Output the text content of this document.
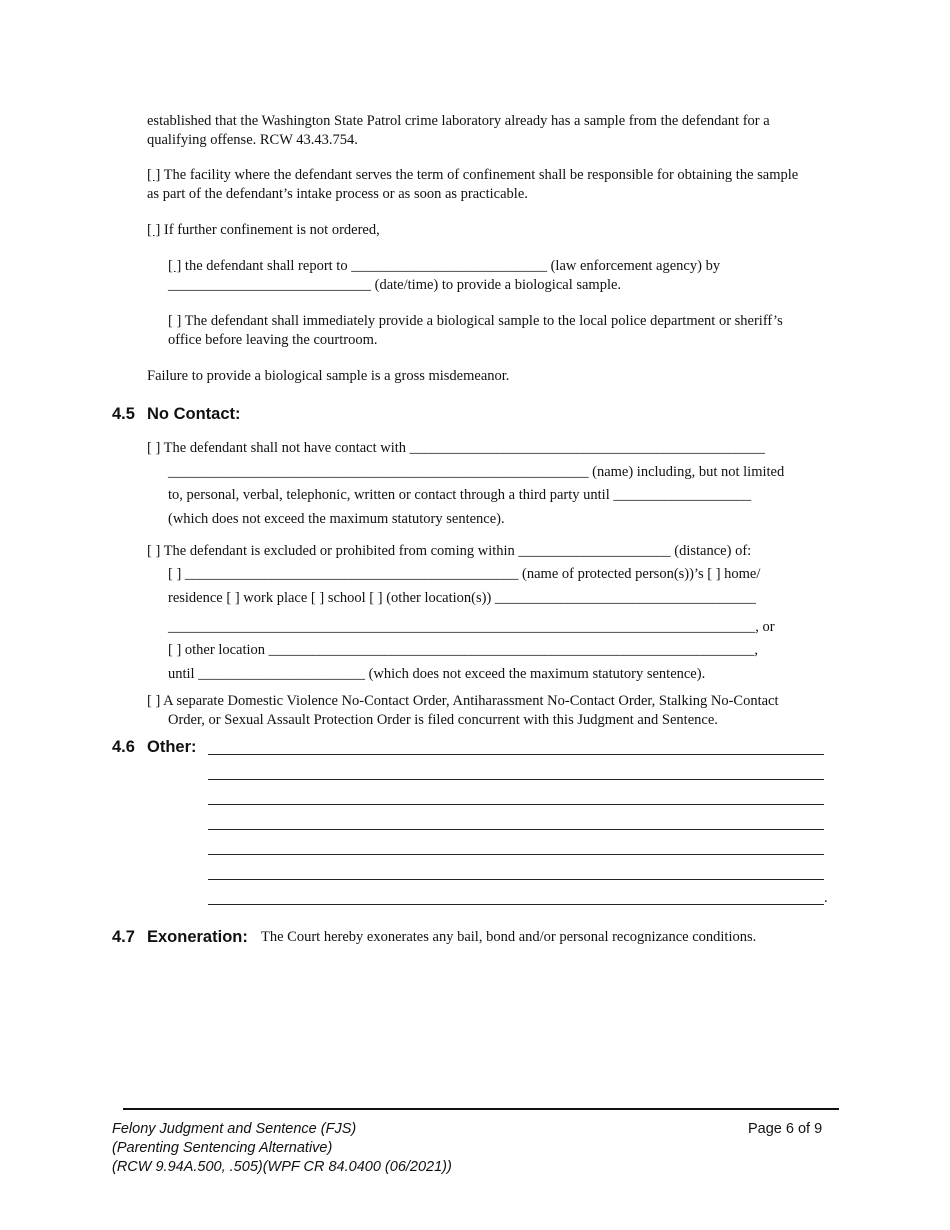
established that the Washington State Patrol crime laboratory already has a sample from the defendant for a
qualifying offense. RCW 43.43.754.
[ ] The facility where the defendant serves the term of confinement shall be responsible for obtaining the sample
as part of the defendant’s intake process or as soon as practicable.
[ ] If further confinement is not ordered,
[ ] the defendant shall report to ___________________________ (law enforcement agency) by
____________________________ (date/time) to provide a biological sample.
[ ] The defendant shall immediately provide a biological sample to the local police department or sheriff’s
office before leaving the courtroom.
Failure to provide a biological sample is a gross misdemeanor.
4.5 No Contact:
[ ] The defendant shall not have contact with _________________________________________________
__________________________________________________________ (name) including, but not limited
to, personal, verbal, telephonic, written or contact through a third party until ___________________
(which does not exceed the maximum statutory sentence).
[ ] The defendant is excluded or prohibited from coming within _____________________ (distance) of:
[ ] ______________________________________________ (name of protected person(s))’s [ ] home/
residence [ ] work place [ ] school [ ] (other location(s)) ____________________________________
_________________________________________________________________________________, or
[ ] other location ___________________________________________________________________,
until _______________________ (which does not exceed the maximum statutory sentence).
[ ] A separate Domestic Violence No-Contact Order, Antiharassment No-Contact Order, Stalking No-Contact
Order, or Sexual Assault Protection Order is filed concurrent with this Judgment and Sentence.
4.6 Other:
.
4.7 Exoneration: The Court hereby exonerates any bail, bond and/or personal recognizance conditions.
Felony Judgment and Sentence (FJS)
(Parenting Sentencing Alternative)
(RCW 9.94A.500, .505)(WPF CR 84.0400 (06/2021))
Page 6 of 9
